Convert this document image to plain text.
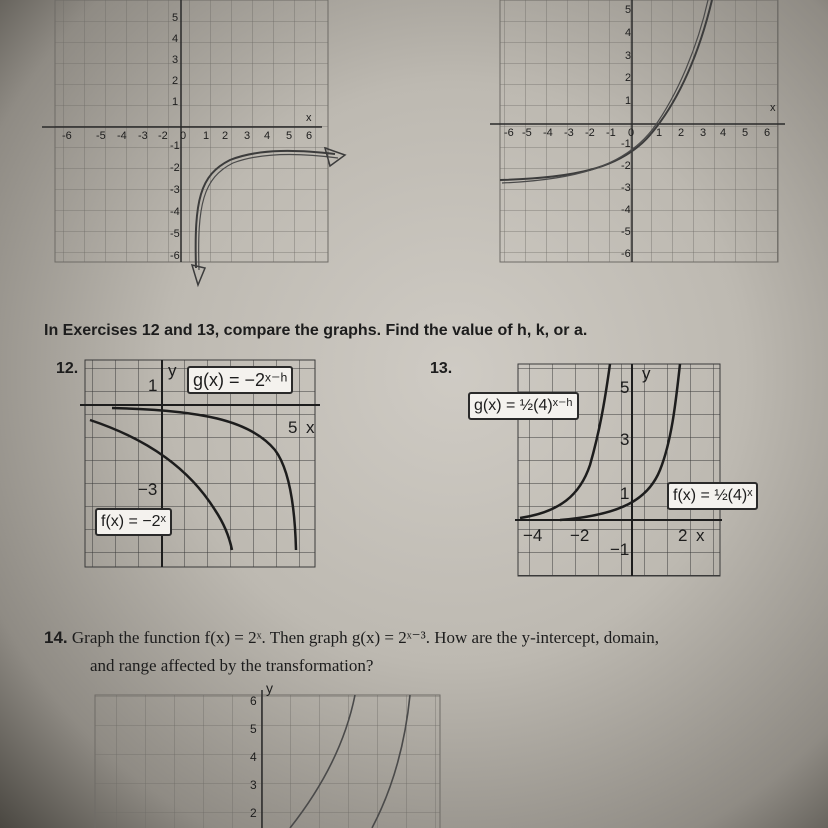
x
-6 -5 -4 -3 -2 0 1 2 3 4 5 6
5
4
3
2
1
-1
-2
-3
-4
-5
-6
x
-6 -5 -4 -3 -2 -1 0 1 2 3 4 5 6
5
4
3
2
1
-1
-2
-3
-4
-5
-6
In Exercises 12 and 13, compare the graphs. Find the value of h, k, or a.
12.	y
1
−3
5 x
g(x) = −2ˣ⁻ʰ
f(x) = −2ˣ
13.	y
5
3
1
−1
−4 −2	2 x
g(x) = ½(4)ˣ⁻ʰ
f(x) = ½(4)ˣ
14. Graph the function f(x) = 2ˣ. Then graph g(x) = 2ˣ⁻³. How are the y-intercept, domain,
and range affected by the transformation?
y
6
5
4
3
2
